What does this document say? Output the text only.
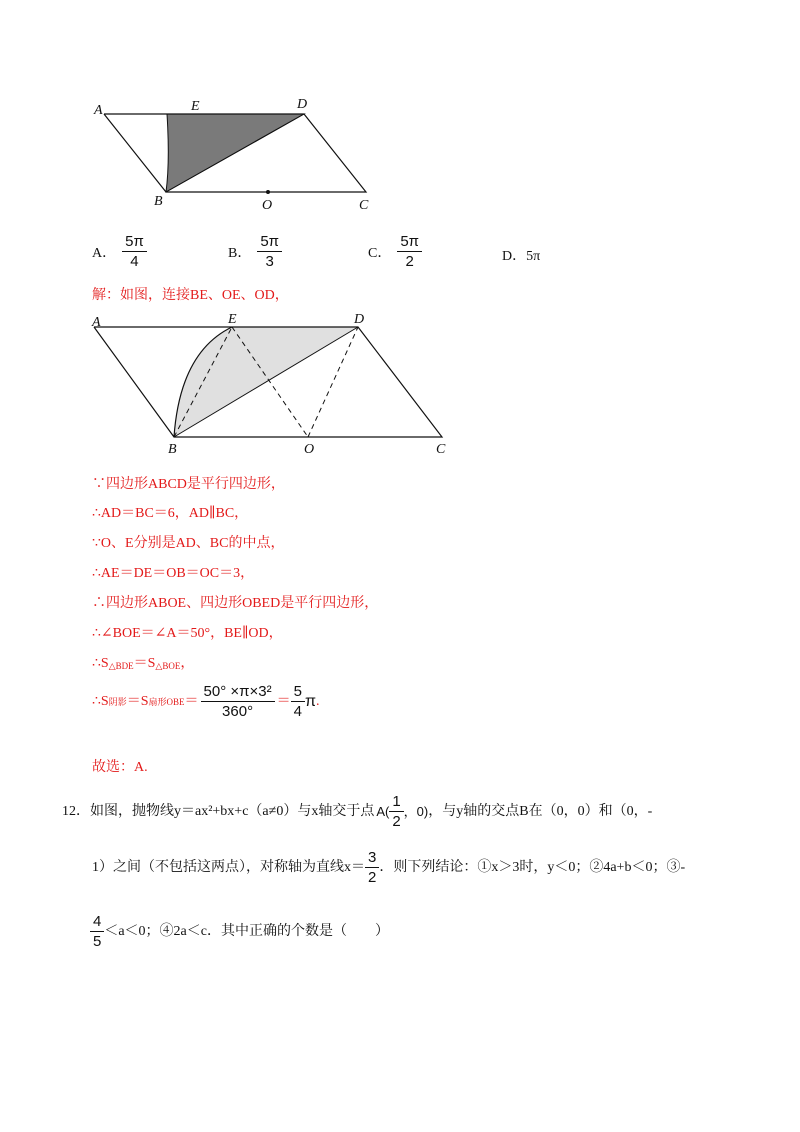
A	E	D
B	O	C
A． $\frac{5\pi}{4}$	B． $\frac{5\pi}{3}$	C． $\frac{5\pi}{2}$	D．5π
解：如图，连接BE、OE、OD，
A	E	D
B	O	C
∵四边形ABCD是平行四边形，
∴AD＝BC＝6，AD∥BC，
∵O、E分别是AD、BC的中点，
∴AE＝DE＝OB＝OC＝3，
∴四边形ABOE、四边形OBED是平行四边形，
∴∠BOE＝∠A＝50°，BE∥OD，
$\therefore S_{\triangle BDE}=S_{\triangle BOE}$，
∴S 阴影 ＝S 扇形OBE ＝ $\frac{\text{50° ×π×3²}}{360^\circ} = \frac{5}{4}$ π .
故选：A.
12．如图，抛物线y＝ax²+bx+c（a≠0）与x轴交于点 $A( \frac{1}{2}$ ，0) ，与y轴的交点B在（0，0）和（0，-
1）之间（不包括这两点），对称轴为直线$x= \frac{3}{2}$ ．则下列结论：①x＞3时，y＜0；②4a+b＜0；③-
$\frac{4}{5} <a<0$；④2a＜c．其中正确的个数是（　　）
